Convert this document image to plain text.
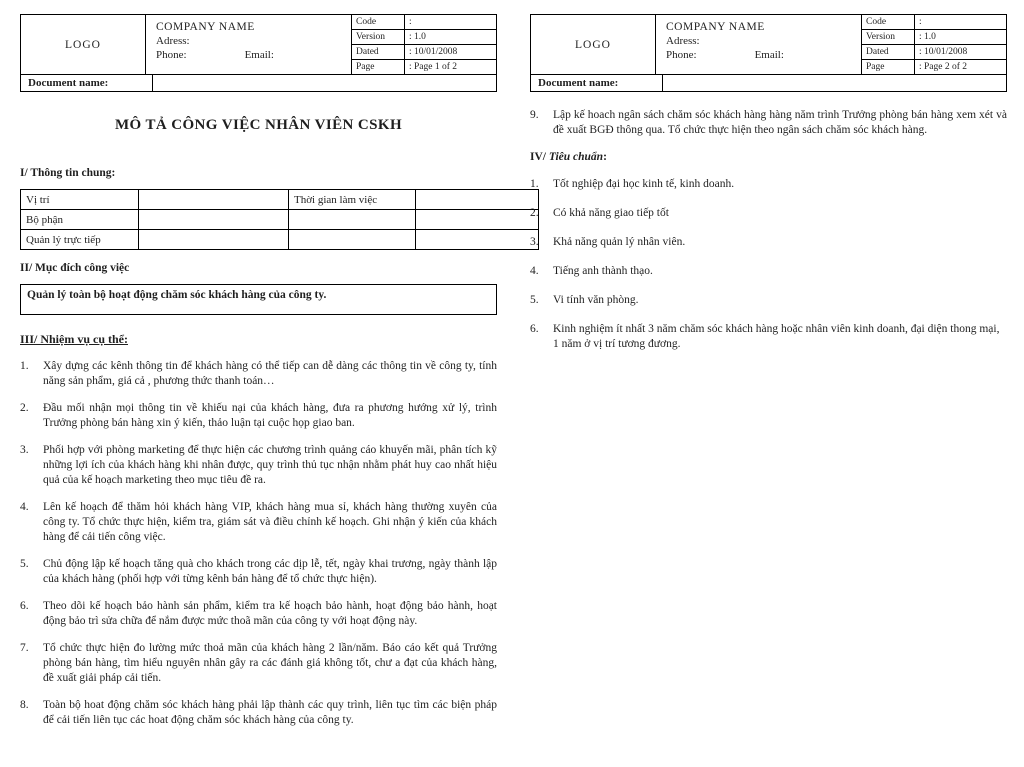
LOGO
COMPANY NAME
Adress:
Phone:	Email:
Code	:
Version	: 1.0
Dated	: 10/01/2008
Page	: Page 1 of 2
Document name:
MÔ TẢ CÔNG VIỆC NHÂN VIÊN CSKH
I/ Thông tin chung:
Vị trí		Thời gian làm việc	
Bộ phận			
Quản lý trực tiếp			
II/ Mục đích công việc
Quản lý toàn bộ hoạt động chăm sóc khách hàng của công ty.
III/ Nhiệm vụ cụ thể:
1.	Xây dựng các kênh thông tin để khách hàng có thể tiếp can dễ dàng các thông tin về công ty, tính năng sản phẩm, giá cả , phương thức thanh toán…
2.	Đầu mối nhận mọi thông tin về khiếu nại của khách hàng, đưa ra phương hướng xử lý, trình Trưởng phòng bán hàng xin ý kiến, thảo luận tại cuộc họp giao ban.
3.	Phối hợp với phòng marketing để thực hiện các chương trình quảng cáo khuyến mãi, phân tích kỹ những lợi ích của khách hàng khi nhân được, quy trình thủ tục nhận nhằm phát huy cao nhất hiệu quả của kế hoạch marketing theo mục tiêu đề ra.
4.	Lên kế hoạch để thăm hỏi khách hàng VIP, khách hàng mua sỉ, khách hàng thường xuyên của công ty. Tổ chức thực hiện, kiểm tra, giám sát và điều chỉnh kế hoạch. Ghi nhận ý kiến của khách hàng để cải tiến công việc.
5.	Chủ động lập kế hoạch tăng quà cho khách trong các dịp lễ, tết, ngày khai trương, ngày thành lập của khách hàng (phối hợp với từng kênh bán hàng để tổ chức thực hiện).
6.	Theo dõi kế hoạch bảo hành sản phẩm, kiểm tra kế hoạch bảo hành, hoạt động bảo hành, hoạt động bảo trì sửa chữa để nắm được mức thoã mãn của công ty với hoạt động này.
7.	Tổ chức thực hiện đo lường mức thoả mãn của khách hàng 2 lần/năm. Báo cáo kết quả Trưởng phòng bán hàng, tìm hiểu nguyên nhân gây ra các đánh giá không tốt, chư a đạt của khách hàng, đề xuất giải pháp cải tiến.
8.	Toàn bộ hoat động chăm sóc khách hàng phải lập thành các quy trình, liên tục tìm các biện pháp để cải tiến liên tục các hoat động chăm sóc khách hàng của công ty.
LOGO
COMPANY NAME
Adress:
Phone:	Email:
Code	:
Version	: 1.0
Dated	: 10/01/2008
Page	: Page 2 of 2
Document name:
9.	Lập kế hoach ngân sách chăm sóc khách hàng hàng năm trình Trưởng phòng bán hàng xem xét và đề xuất BGĐ thông qua. Tổ chức thực hiện theo ngân sách chăm sóc khách hàng.
IV/ Tiêu chuẩn:
1.	Tốt nghiệp đại học kinh tế, kinh doanh.
2.	Có khả năng giao tiếp tốt
3.	Khả năng quản lý nhân viên.
4.	Tiếng anh thành thạo.
5.	Vi tính văn phòng.
6.	Kinh nghiệm ít nhất 3 năm chăm sóc khách hàng hoặc nhân viên kinh doanh, đại diện thong mại, 1 năm ở vị trí tương đương.
